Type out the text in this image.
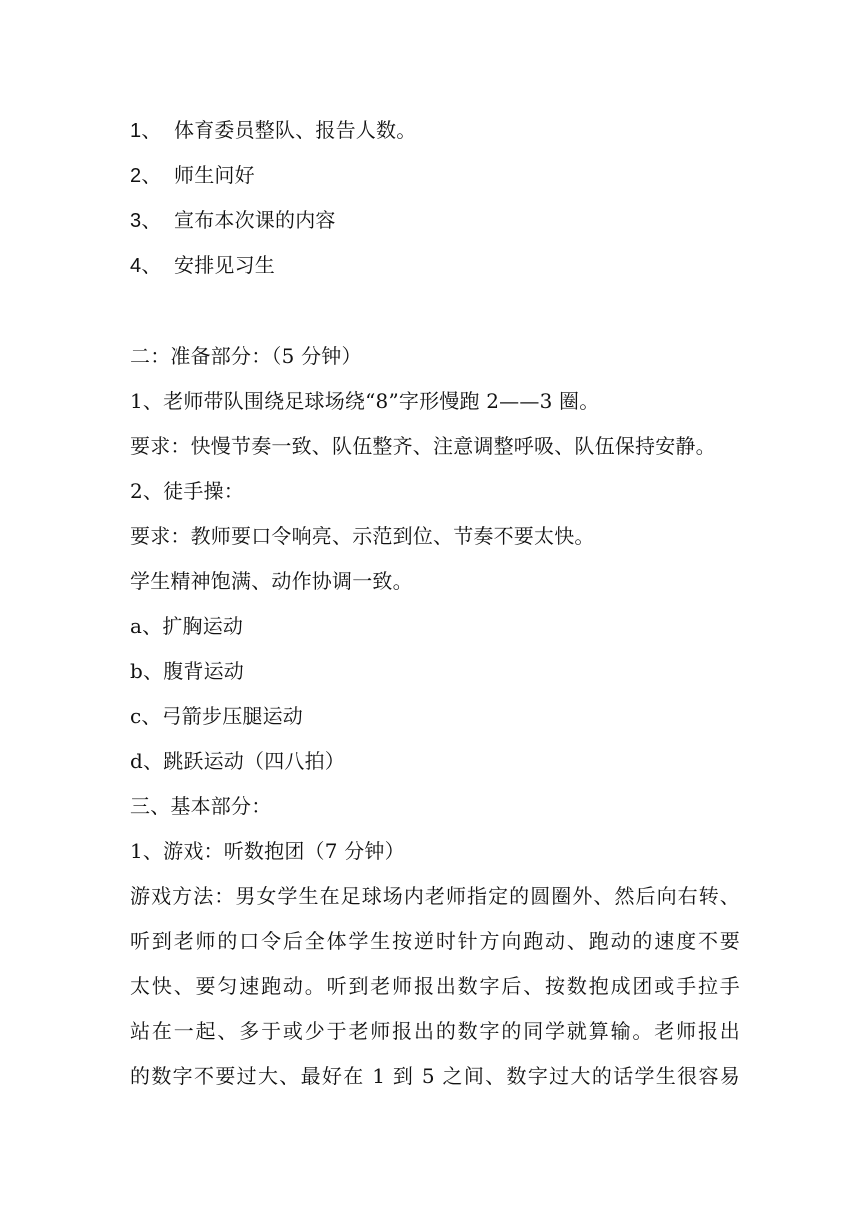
1、 体育委员整队、报告人数。
2、 师生问好
3、 宣布本次课的内容
4、 安排见习生
二：准备部分：（5 分钟）
1、老师带队围绕足球场绕“8”字形慢跑 2——3 圈。
要求：快慢节奏一致、队伍整齐、注意调整呼吸、队伍保持安静。
2、徒手操：
要求：教师要口令响亮、示范到位、节奏不要太快。
学生精神饱满、动作协调一致。
a、扩胸运动
b、腹背运动
c、弓箭步压腿运动
d、跳跃运动（四八拍）
三、基本部分：
1、游戏：听数抱团（7 分钟）
游戏方法：男女学生在足球场内老师指定的圆圈外、然后向右转、
听到老师的口令后全体学生按逆时针方向跑动、跑动的速度不要
太快、要匀速跑动。听到老师报出数字后、按数抱成团或手拉手
站在一起、多于或少于老师报出的数字的同学就算输。老师报出
的数字不要过大、最好在 1 到 5 之间、数字过大的话学生很容易
